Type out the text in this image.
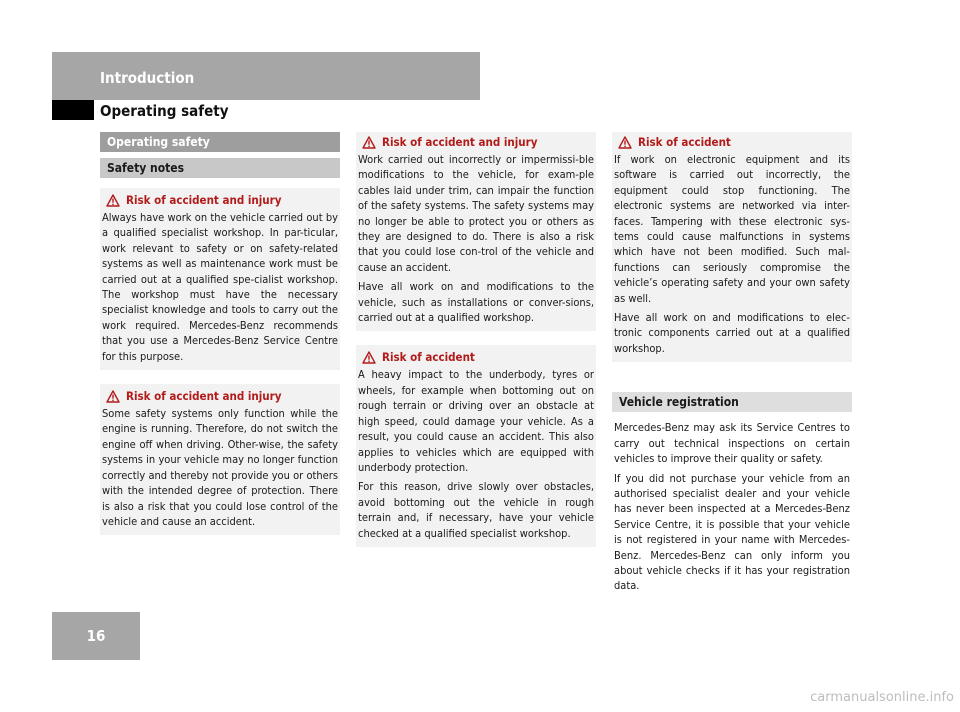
Introduction
Operating safety
Operating safety
Safety notes
Risk of accident and injury

Always have work on the vehicle carried out by a qualified specialist workshop. In par-ticular, work relevant to safety or on safety-related systems as well as maintenance work must be carried out at a qualified spe-cialist workshop. The workshop must have the necessary specialist knowledge and tools to carry out the work required. Mercedes-Benz recommends that you use a Mercedes-Benz Service Centre for this purpose.

Risk of accident and injury

Some safety systems only function while the engine is running. Therefore, do not switch the engine off when driving. Other-wise, the safety systems in your vehicle may no longer function correctly and thereby not provide you or others with the intended degree of protection. There is also a risk that you could lose control of the vehicle and cause an accident.

Risk of accident and injury

Work carried out incorrectly or impermissi-ble modifications to the vehicle, for exam-ple cables laid under trim, can impair the function of the safety systems. The safety systems may no longer be able to protect you or others as they are designed to do. There is also a risk that you could lose con-trol of the vehicle and cause an accident.

Have all work on and modifications to the vehicle, such as installations or conver-sions, carried out at a qualified workshop.

Risk of accident

A heavy impact to the underbody, tyres or wheels, for example when bottoming out on rough terrain or driving over an obstacle at high speed, could damage your vehicle. As a result, you could cause an accident. This also applies to vehicles which are equipped with underbody protection.

For this reason, drive slowly over obstacles, avoid bottoming out the vehicle in rough terrain and, if necessary, have your vehicle checked at a qualified specialist workshop.

Risk of accident

If work on electronic equipment and its software is carried out incorrectly, the equipment could stop functioning. The electronic systems are networked via inter-faces. Tampering with these electronic sys-tems could cause malfunctions in systems which have not been modified. Such mal-functions can seriously compromise the vehicle’s operating safety and your own safety as well.

Have all work on and modifications to elec-tronic components carried out at a qualified workshop.

Vehicle registration

Mercedes-Benz may ask its Service Centres to carry out technical inspections on certain vehicles to improve their quality or safety.

If you did not purchase your vehicle from an authorised specialist dealer and your vehicle has never been inspected at a Mercedes-Benz Service Centre, it is possible that your vehicle is not registered in your name with Mercedes-Benz. Mercedes-Benz can only inform you about vehicle checks if it has your registration data.

16
carmanualsonline.info
